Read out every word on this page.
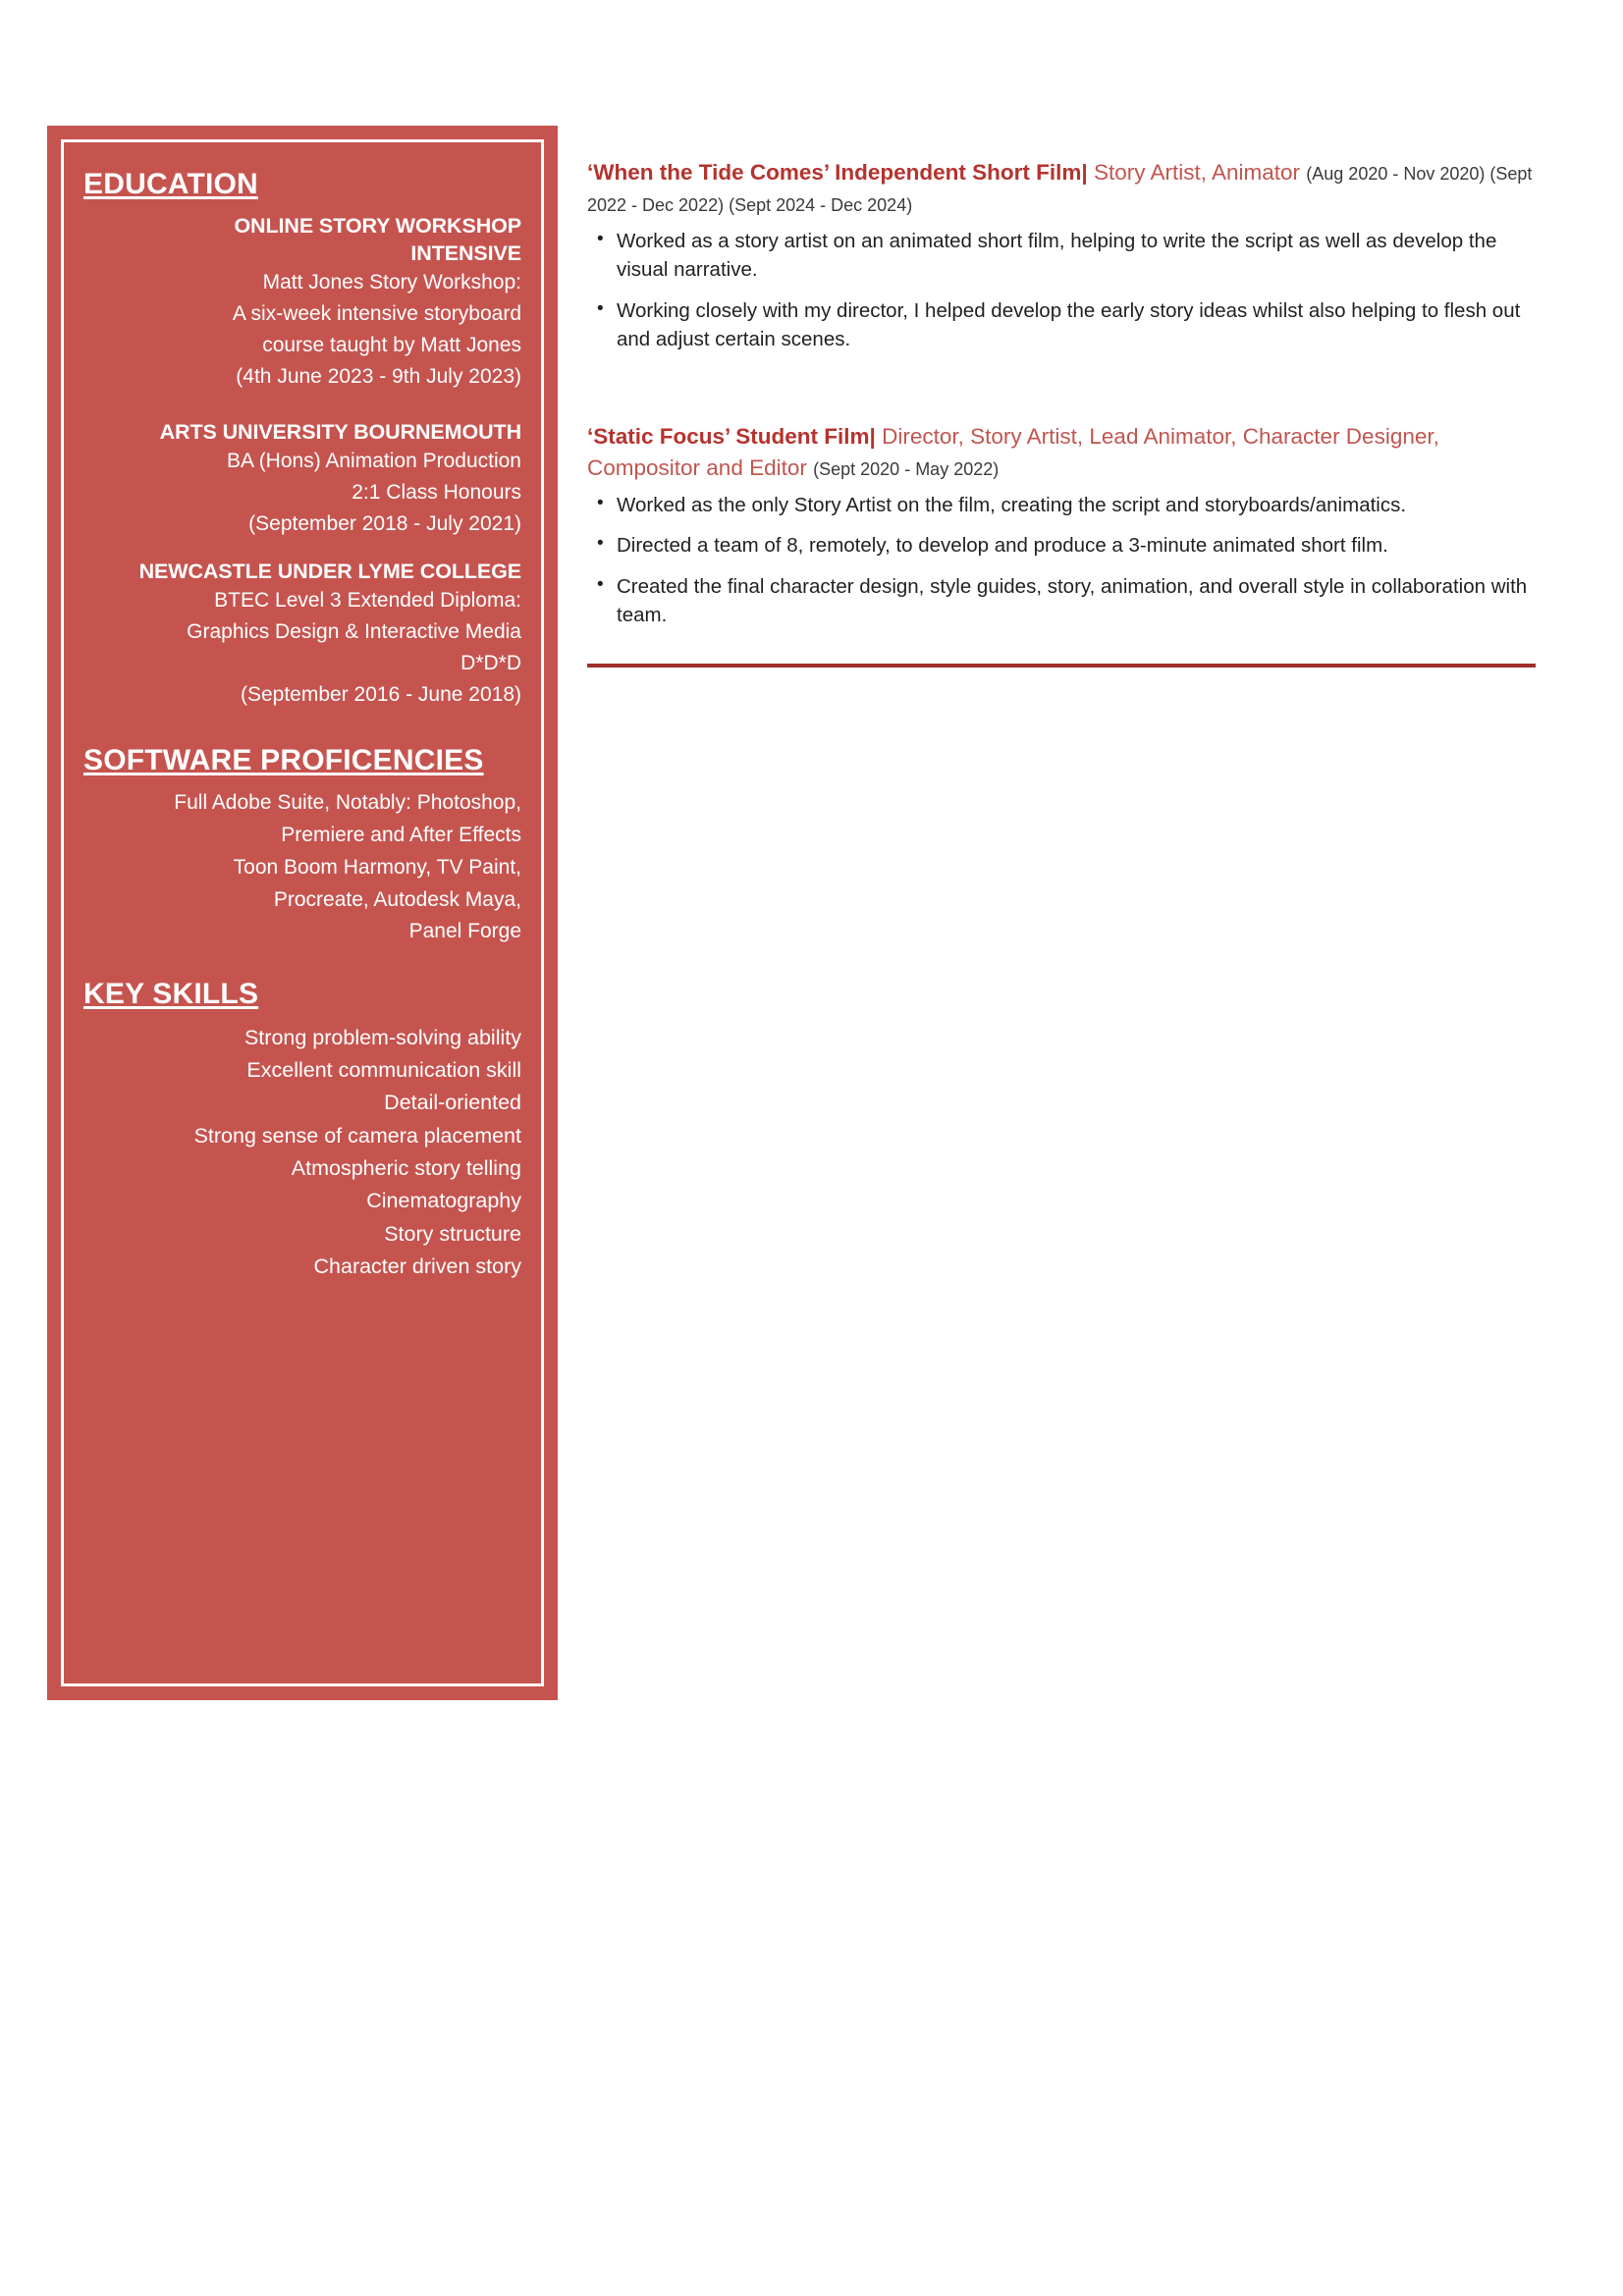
EDUCATION
ONLINE STORY WORKSHOP
INTENSIVE
Matt Jones Story Workshop:
A six-week intensive storyboard
course taught by Matt Jones
(4th June 2023 - 9th July 2023)
ARTS UNIVERSITY BOURNEMOUTH
BA (Hons) Animation Production
2:1 Class Honours
(September 2018 - July 2021)
NEWCASTLE UNDER LYME COLLEGE
BTEC Level 3 Extended Diploma:
Graphics Design & Interactive Media
D*D*D
(September 2016 - June 2018)
SOFTWARE PROFICENCIES
Full Adobe Suite, Notably: Photoshop,
Premiere and After Effects
Toon Boom Harmony, TV Paint,
Procreate, Autodesk Maya,
Panel Forge
KEY SKILLS
Strong problem-solving ability
Excellent communication skill
Detail-oriented
Strong sense of camera placement
Atmospheric story telling
Cinematography
Story structure
Character driven story
‘When the Tide Comes’ Independent Short Film| Story Artist, Animator (Aug 2020 - Nov 2020) (Sept 2022 - Dec 2022) (Sept 2024 - Dec 2024)
• Worked as a story artist on an animated short film, helping to write the script as well as develop the visual narrative.
• Working closely with my director, I helped develop the early story ideas whilst also helping to flesh out and adjust certain scenes.
‘Static Focus’ Student Film| Director, Story Artist, Lead Animator, Character Designer, Compositor and Editor (Sept 2020 - May 2022)
• Worked as the only Story Artist on the film, creating the script and storyboards/animatics.
• Directed a team of 8, remotely, to develop and produce a 3-minute animated short film.
• Created the final character design, style guides, story, animation, and overall style in collaboration with team.
